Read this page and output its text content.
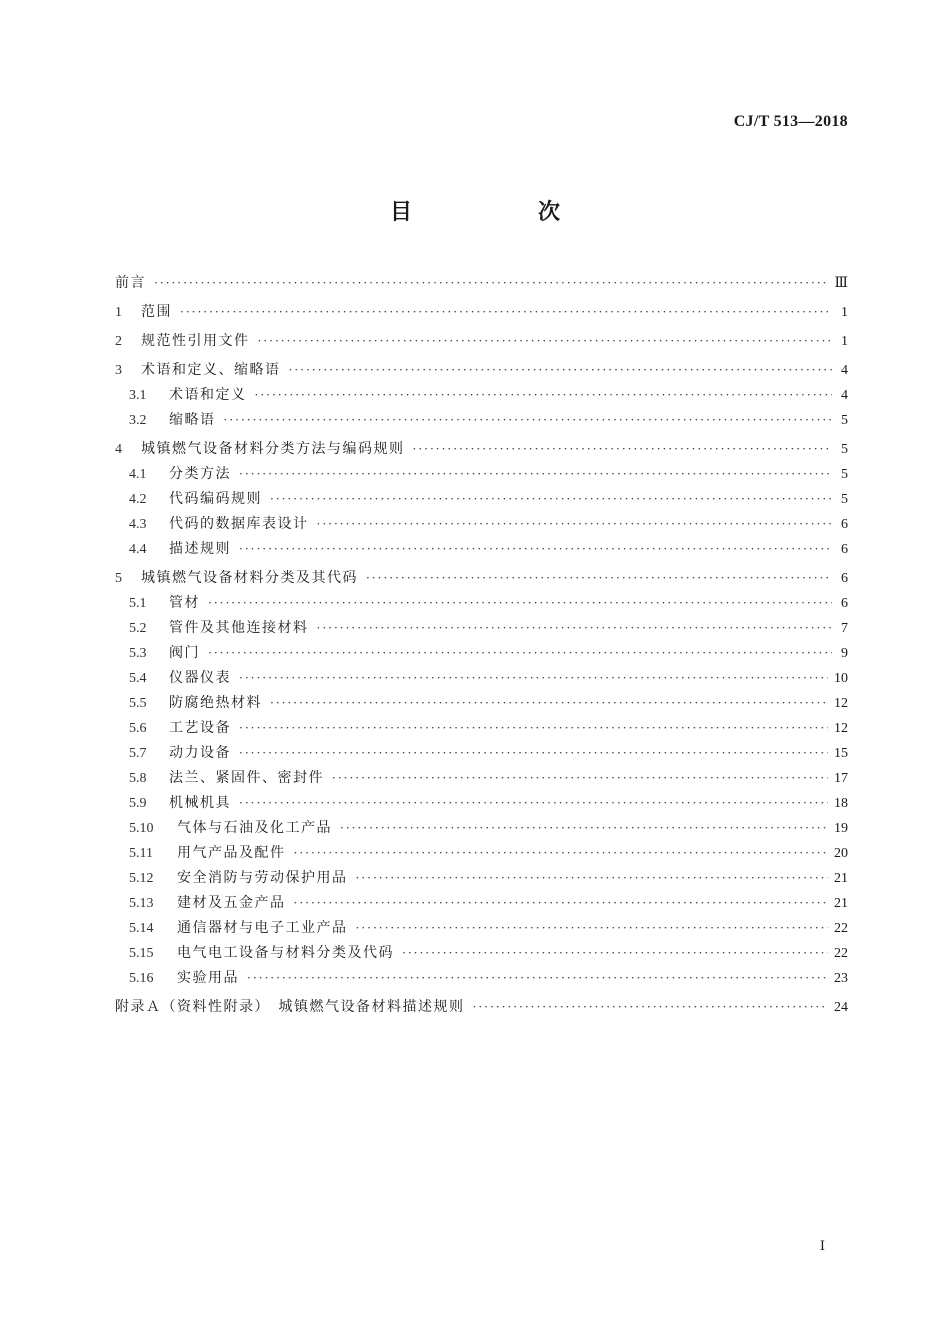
CJ/T 513—2018
目　次
前言 ·····	Ⅲ
1	范围 ·····	1
2	规范性引用文件 ·····	1
3	术语和定义、缩略语 ·····	4
3.1	术语和定义 ·····	4
3.2	缩略语 ·····	5
4	城镇燃气设备材料分类方法与编码规则 ·····	5
4.1	分类方法 ·····	5
4.2	代码编码规则 ·····	5
4.3	代码的数据库表设计 ·····	6
4.4	描述规则 ·····	6
5	城镇燃气设备材料分类及其代码 ·····	6
5.1	管材 ·····	6
5.2	管件及其他连接材料 ·····	7
5.3	阀门 ·····	9
5.4	仪器仪表 ·····	10
5.5	防腐绝热材料 ·····	12
5.6	工艺设备 ·····	12
5.7	动力设备 ·····	15
5.8	法兰、紧固件、密封件 ·····	17
5.9	机械机具 ·····	18
5.10	气体与石油及化工产品 ·····	19
5.11	用气产品及配件 ·····	20
5.12	安全消防与劳动保护用品 ·····	21
5.13	建材及五金产品 ·····	21
5.14	通信器材与电子工业产品 ·····	22
5.15	电气电工设备与材料分类及代码 ·····	22
5.16	实验用品 ·····	23
附录Ａ（资料性附录）　城镇燃气设备材料描述规则 ·····	24
Ⅰ
